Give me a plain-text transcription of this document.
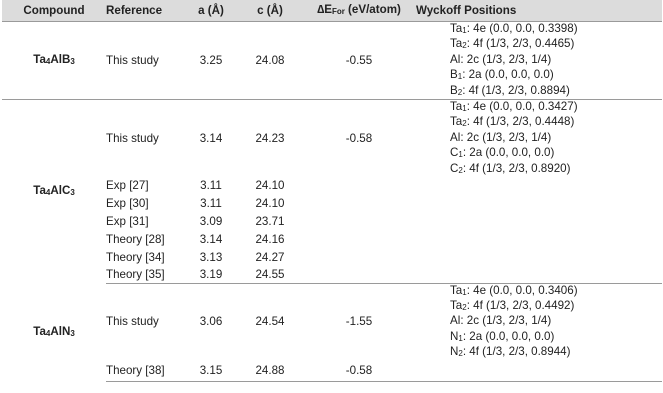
Compound	Reference	a (Å)	c (Å)	∆EFor (eV/atom)	Wyckoff Positions
Ta4AlB3	This study	3.25	24.08	-0.55	Ta1: 4e (0.0, 0.0, 0.3398)
Ta2: 4f (1/3, 2/3, 0.4465)
Al: 2c (1/3, 2/3, 1/4)
B1: 2a (0.0, 0.0, 0.0)
B2: 4f (1/3, 2/3, 0.8894)

Ta4AlC3	This study	3.14	24.23	-0.58	Ta1: 4e (0.0, 0.0, 0.3427)
Ta2: 4f (1/3, 2/3, 0.4448)
Al: 2c (1/3, 2/3, 1/4)
C1: 2a (0.0, 0.0, 0.0)
C2: 4f (1/3, 2/3, 0.8920)

	Exp [27]	3.11	24.10		
	Exp [30]	3.11	24.10		
	Exp [31]	3.09	23.71		
	Theory [28]	3.14	24.16		
	Theory [34]	3.13	24.27		
	Theory [35]	3.19	24.55		
Ta4AlN3	This study	3.06	24.54	-1.55	Ta1: 4e (0.0, 0.0, 0.3406)
Ta2: 4f (1/3, 2/3, 0.4492)
Al: 2c (1/3, 2/3, 1/4)
N1: 2a (0.0, 0.0, 0.0)
N2: 4f (1/3, 2/3, 0.8944)

	Theory [38]	3.15	24.88	-0.58	
